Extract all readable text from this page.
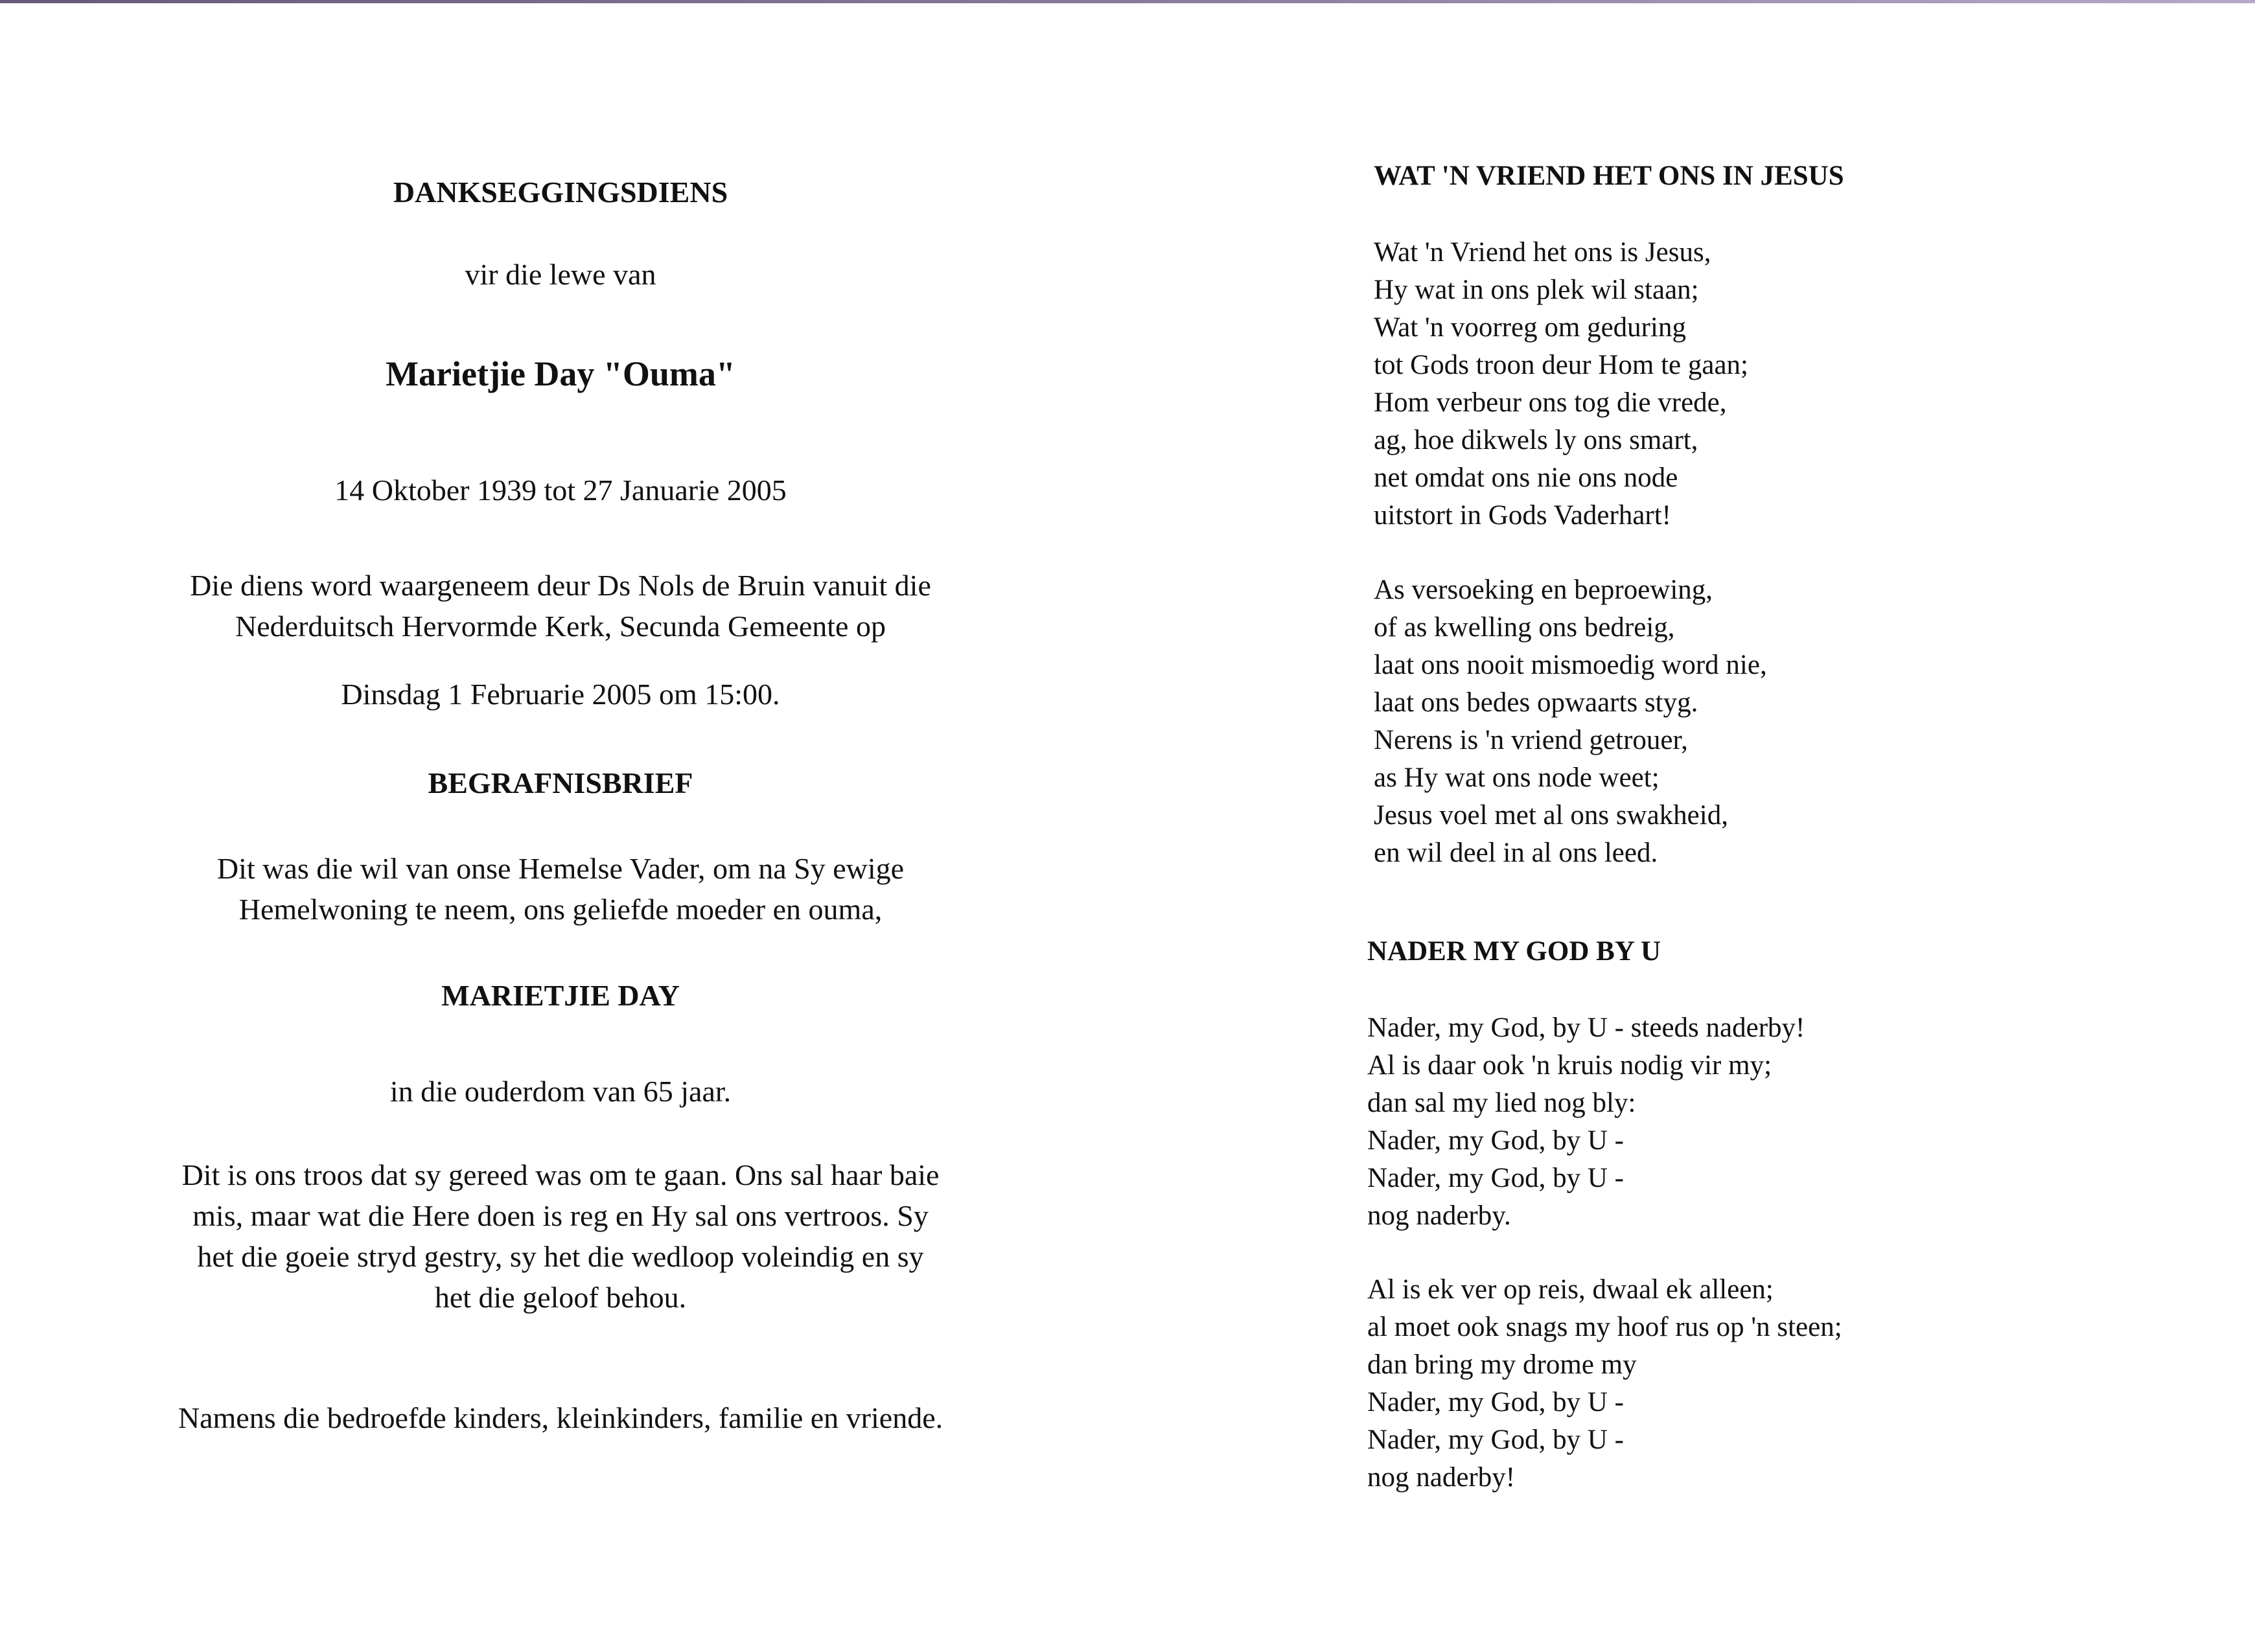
DANKSEGGINGSDIENS

vir die lewe van

Marietjie Day "Ouma"

14 Oktober 1939 tot 27 Januarie 2005

Die diens word waargeneem deur Ds Nols de Bruin vanuit die

Nederduitsch Hervormde Kerk, Secunda Gemeente op

Dinsdag 1 Februarie 2005 om 15:00.

BEGRAFNISBRIEF

Dit was die wil van onse Hemelse Vader, om na Sy ewige

Hemelwoning te neem, ons geliefde moeder en ouma,

MARIETJIE DAY

in die ouderdom van 65 jaar.

Dit is ons troos dat sy gereed was om te gaan. Ons sal haar baie

mis, maar wat die Here doen is reg en Hy sal ons vertroos. Sy

het die goeie stryd gestry, sy het die wedloop voleindig en sy

het die geloof behou.

Namens die bedroefde kinders, kleinkinders, familie en vriende.

WAT 'N VRIEND HET ONS IN JESUS

Wat 'n Vriend het ons is Jesus,

Hy wat in ons plek wil staan;

Wat 'n voorreg om geduring

tot Gods troon deur Hom te gaan;

Hom verbeur ons tog die vrede,

ag, hoe dikwels ly ons smart,

net omdat ons nie ons node

uitstort in Gods Vaderhart!

As versoeking en beproewing,

of as kwelling ons bedreig,

laat ons nooit mismoedig word nie,

laat ons bedes opwaarts styg.

Nerens is 'n vriend getrouer,

as Hy wat ons node weet;

Jesus voel met al ons swakheid,

en wil deel in al ons leed.

NADER MY GOD BY U

Nader, my God, by U - steeds naderby!

Al is daar ook 'n kruis nodig vir my;

dan sal my lied nog bly:

Nader, my God, by U -

Nader, my God, by U -

nog naderby.

Al is ek ver op reis, dwaal ek alleen;

al moet ook snags my hoof rus op 'n steen;

dan bring my drome my

Nader, my God, by U -

Nader, my God, by U -

nog naderby!
